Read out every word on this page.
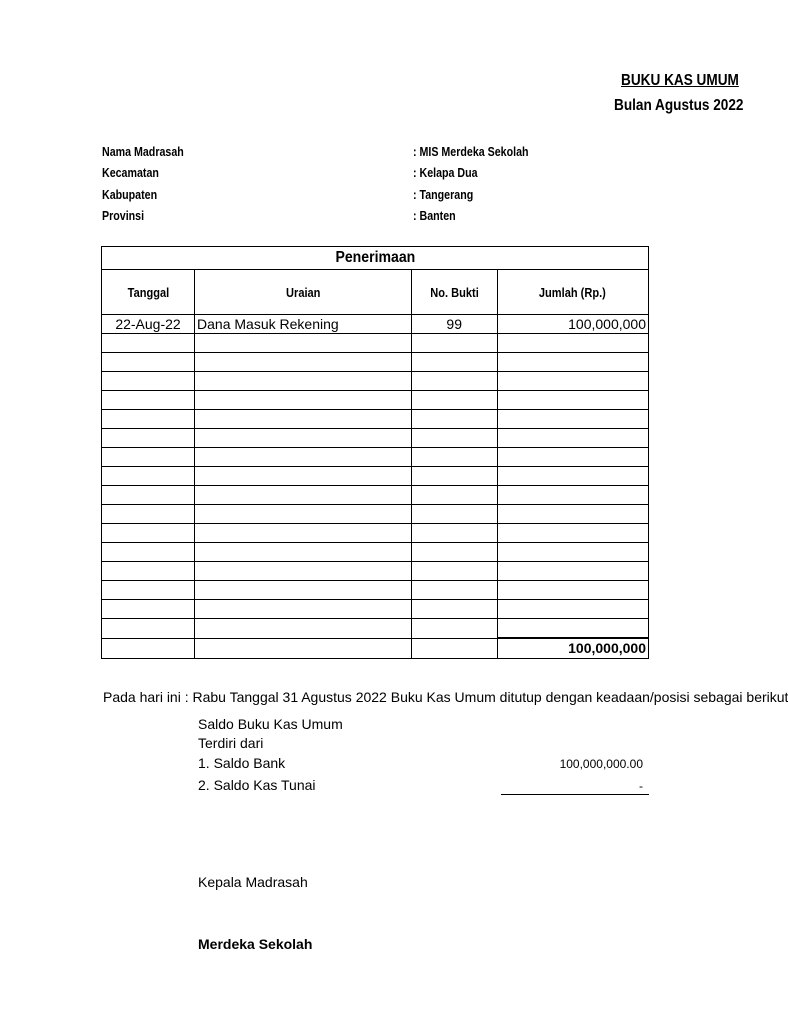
BUKU KAS UMUM
Bulan Agustus 2022
Nama Madrasah	: MIS Merdeka Sekolah
Kecamatan	: Kelapa Dua
Kabupaten	: Tangerang
Provinsi	: Banten
Penerimaan			
Tanggal	Uraian	No. Bukti	Jumlah (Rp.)
22-Aug-22	Dana Masuk Rekening	99	100,000,000

			100,000,000
Pada hari ini : Rabu Tanggal 31 Agustus 2022 Buku Kas Umum ditutup dengan keadaan/posisi sebagai berikut
Saldo Buku Kas Umum
Terdiri dari
1. Saldo Bank	100,000,000.00
2. Saldo Kas Tunai	-
Kepala Madrasah
Merdeka Sekolah
